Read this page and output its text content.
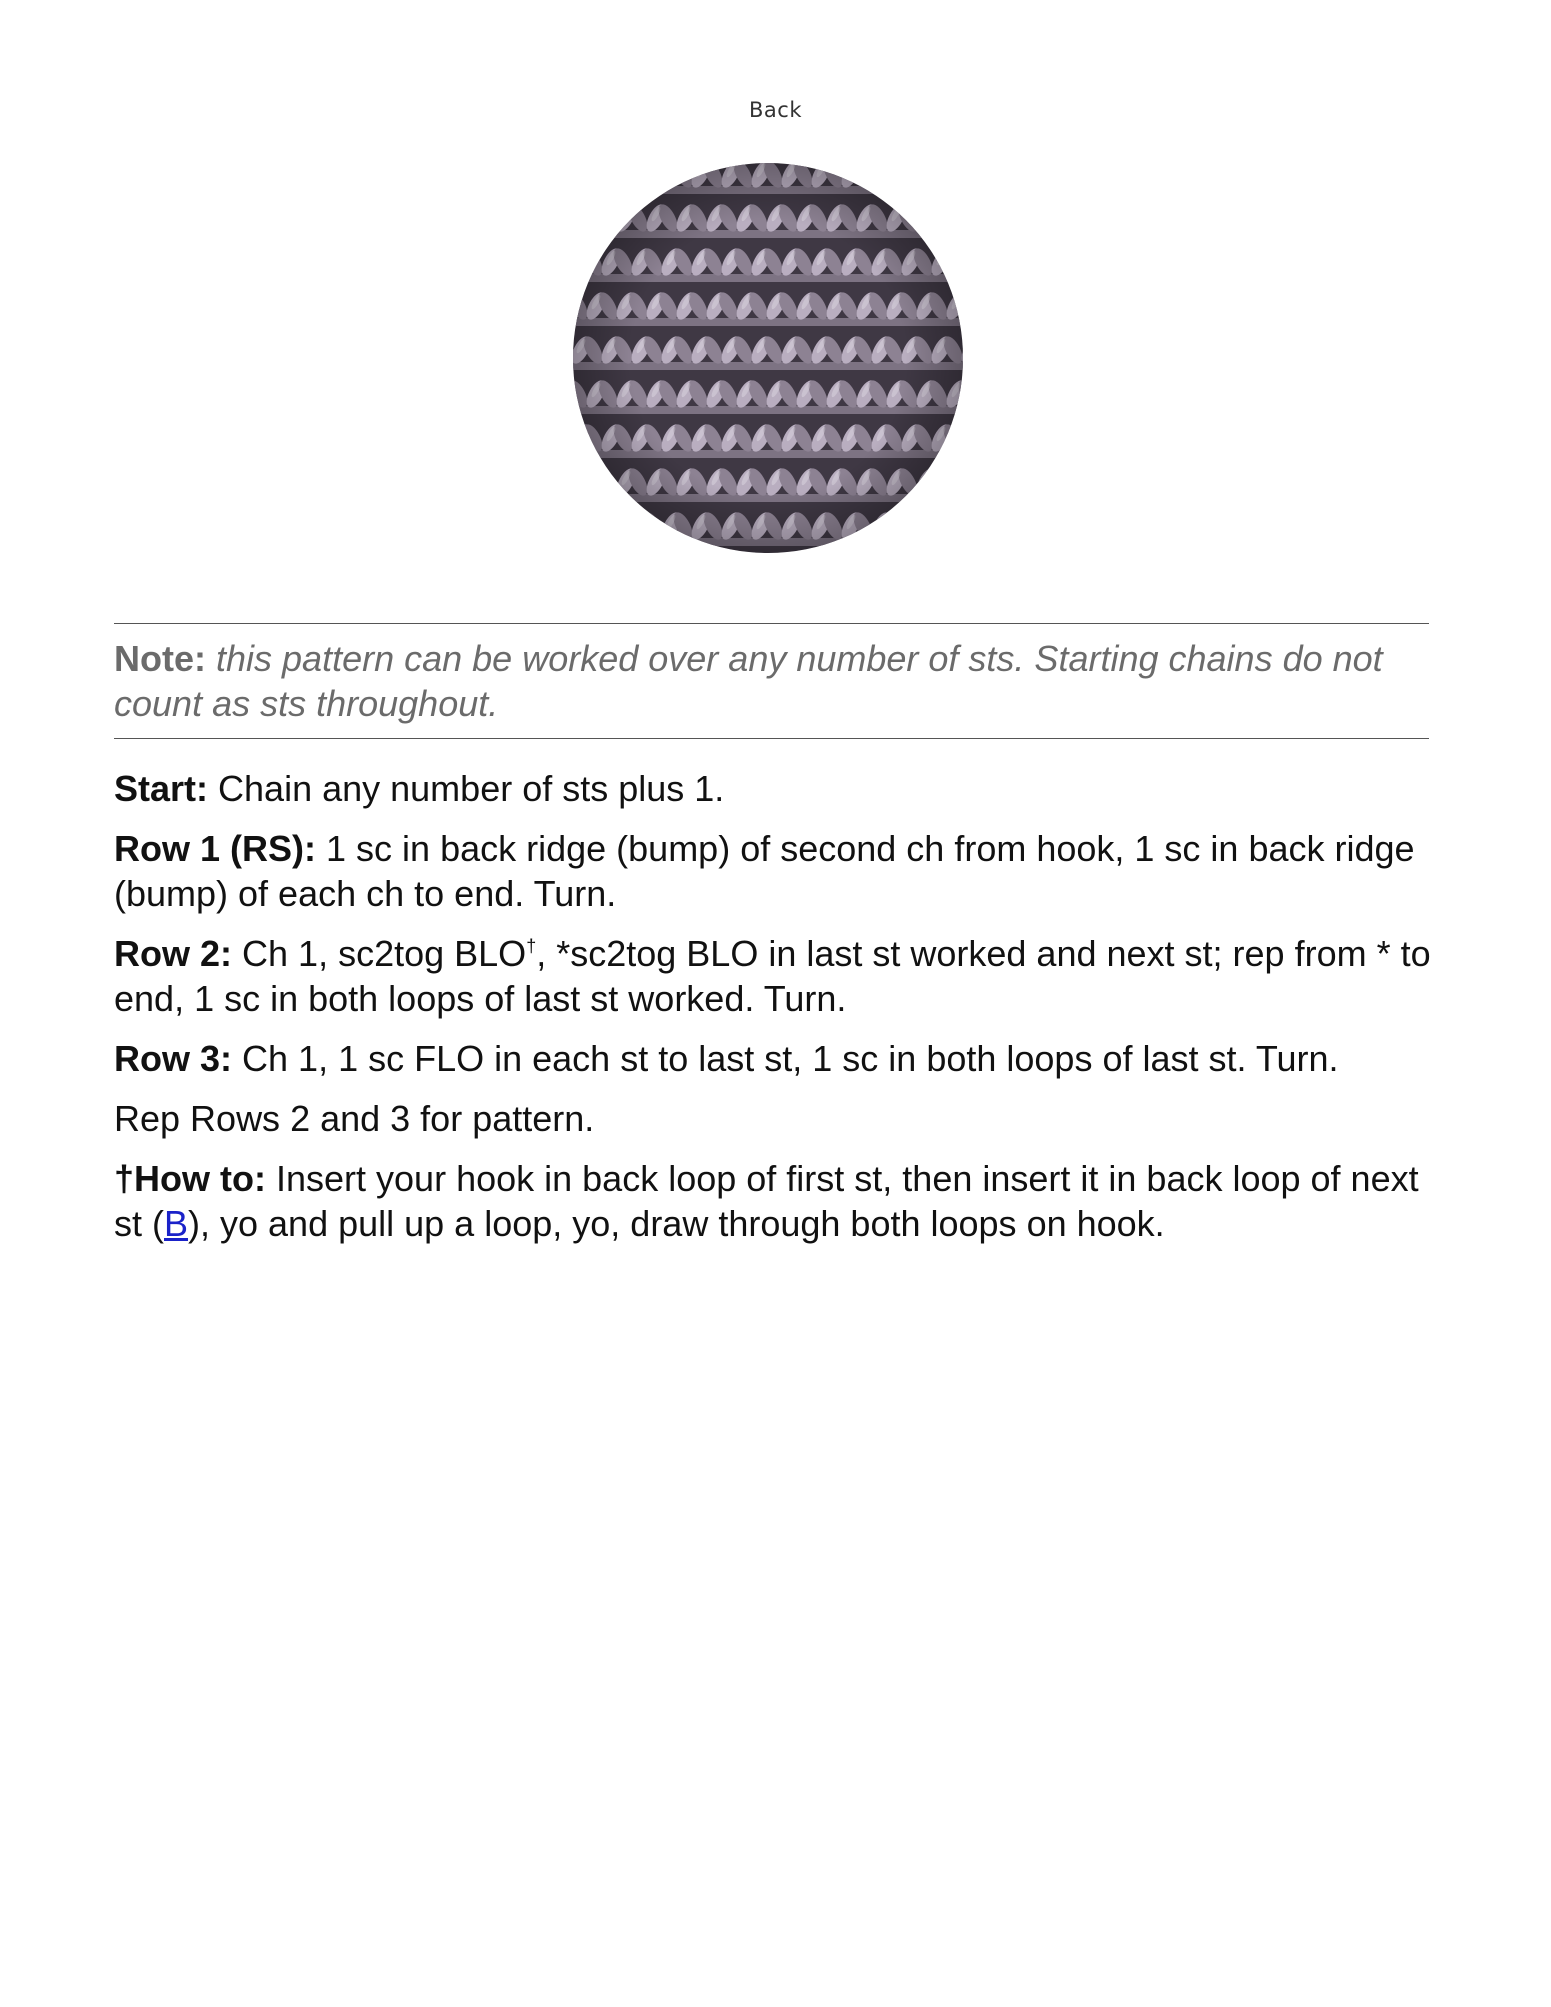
Back
Note: this pattern can be worked over any number of sts. Starting chains do not count as sts throughout.

Start: Chain any number of sts plus 1.

Row 1 (RS): 1 sc in back ridge (bump) of second ch from hook, 1 sc in back ridge (bump) of each ch to end. Turn.

Row 2: Ch 1, sc2tog BLO†, *sc2tog BLO in last st worked and next st; rep from * to end, 1 sc in both loops of last st worked. Turn.

Row 3: Ch 1, 1 sc FLO in each st to last st, 1 sc in both loops of last st. Turn.

Rep Rows 2 and 3 for pattern.

†How to: Insert your hook in back loop of first st, then insert it in back loop of next st (B), yo and pull up a loop, yo, draw through both loops on hook.
